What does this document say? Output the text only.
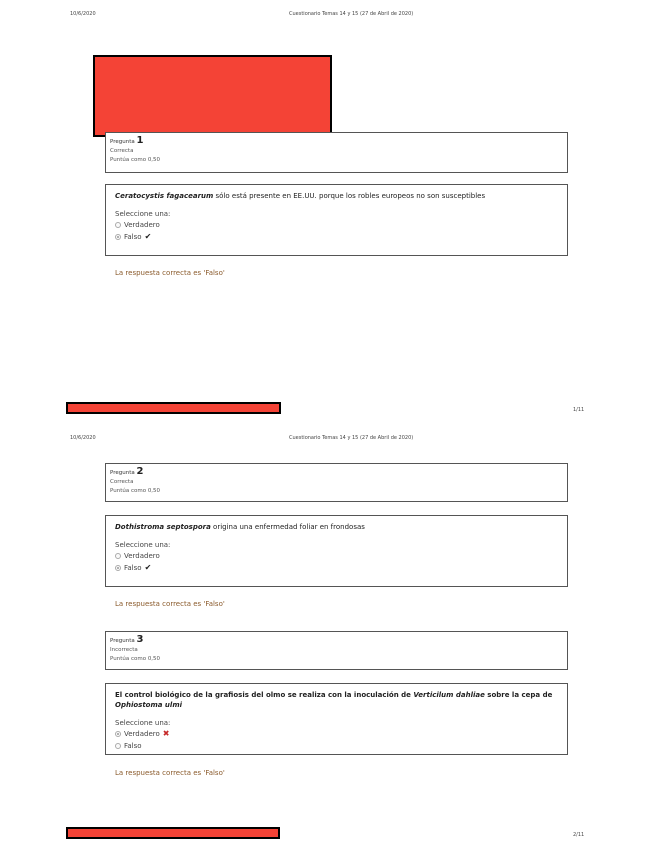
10/6/2020	Cuestionario Temas 14 y 15 (27 de Abril de 2020)
Pregunta 1
Correcta
Puntúa como 0,50
Ceratocystis fagacearum sólo está presente en EE.UU. porque los robles europeos no son susceptibles
Seleccione una:
Verdadero
Falso ✔
La respuesta correcta es 'Falso'
1/11
10/6/2020	Cuestionario Temas 14 y 15 (27 de Abril de 2020)
Pregunta 2
Correcta
Puntúa como 0,50
Dothistroma septospora origina una enfermedad foliar en frondosas
Seleccione una:
Verdadero
Falso ✔
La respuesta correcta es 'Falso'
Pregunta 3
Incorrecta
Puntúa como 0,50
El control biológico de la grafiosis del olmo se realiza con la inoculación de Verticilum dahliae sobre la cepa de Ophiostoma ulmi
Seleccione una:
Verdadero ✖
Falso
La respuesta correcta es 'Falso'
2/11
